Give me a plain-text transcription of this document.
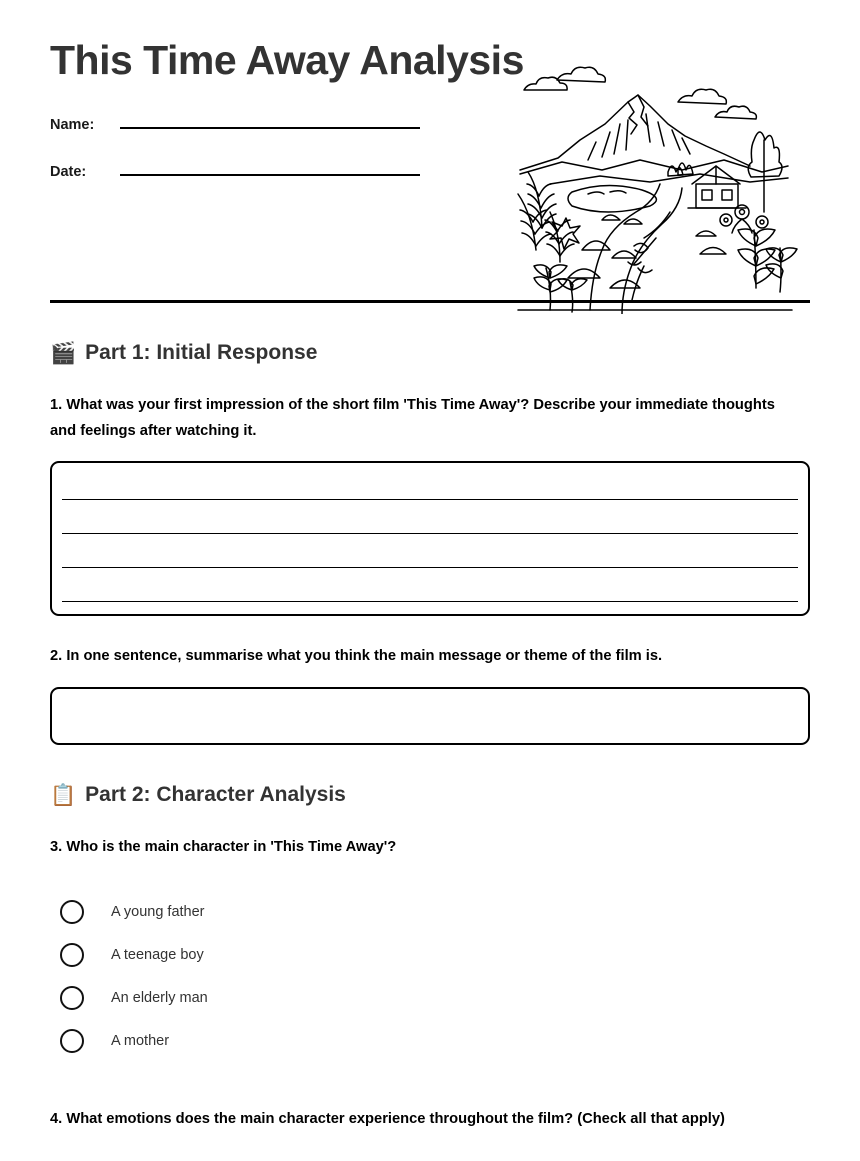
This Time Away Analysis
Name:
Date:
🎬 Part 1: Initial Response
1. What was your first impression of the short film 'This Time Away'? Describe your immediate thoughts and feelings after watching it.
2. In one sentence, summarise what you think the main message or theme of the film is.
📋 Part 2: Character Analysis
3. Who is the main character in 'This Time Away'?
A young father
A teenage boy
An elderly man
A mother
4. What emotions does the main character experience throughout the film? (Check all that apply)
